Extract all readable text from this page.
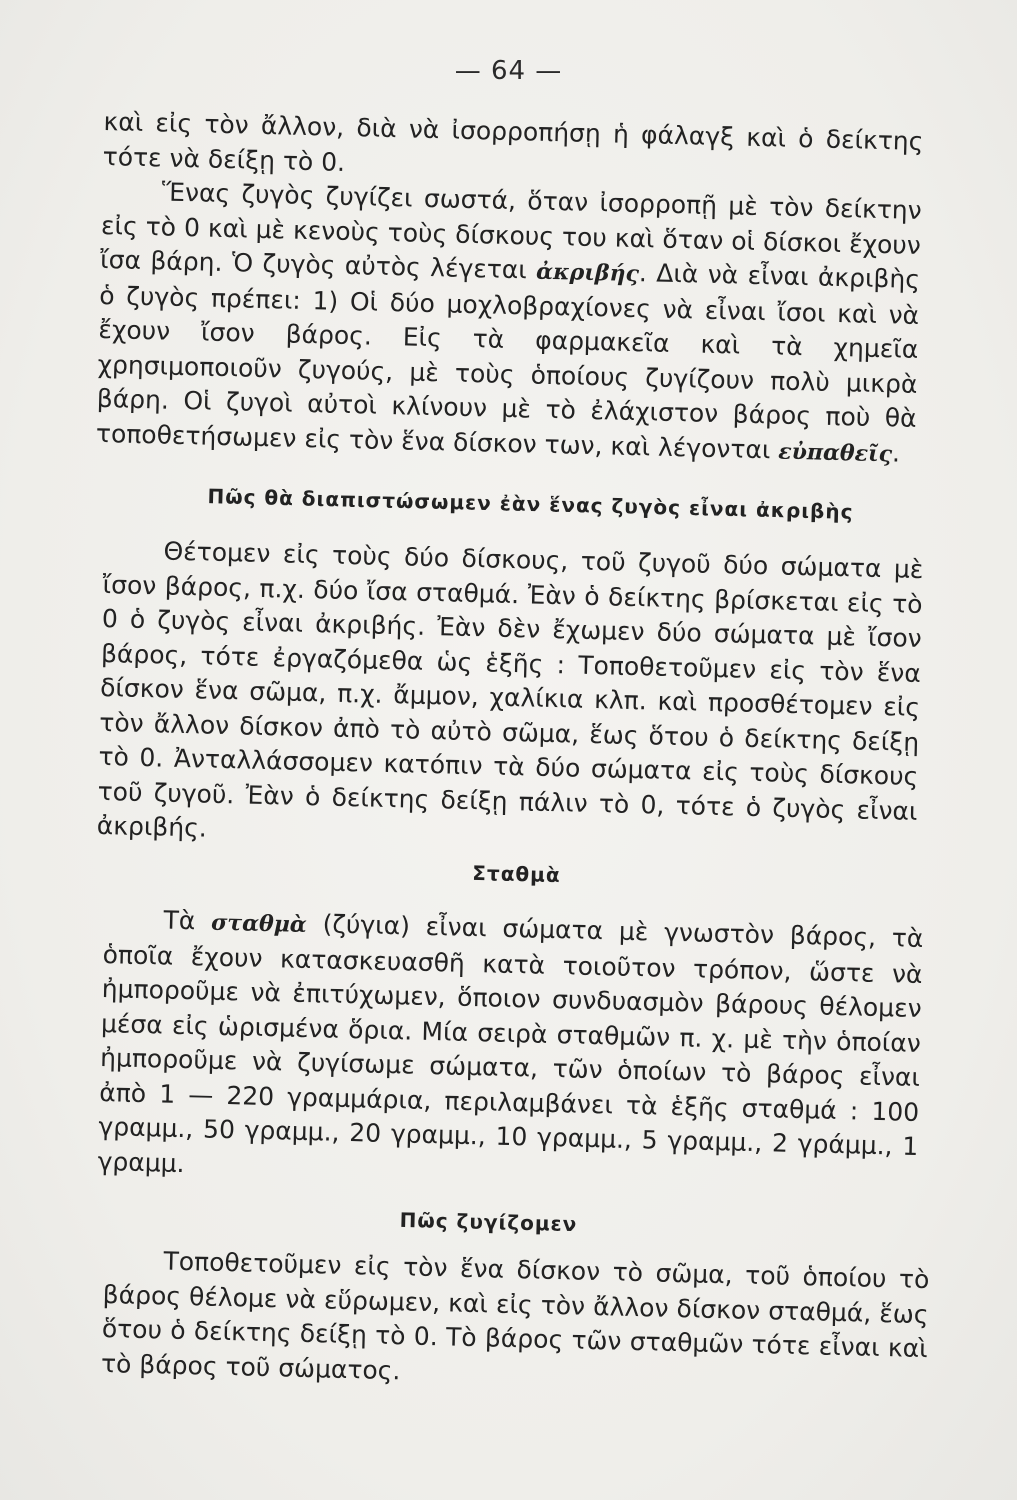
— 64 —

καὶ εἰς τὸν ἄλλον, διὰ νὰ ἰσορροπήσῃ ἡ φάλαγξ καὶ ὁ δείκτης τότε νὰ δείξῃ τὸ 0.

Ἕνας ζυγὸς ζυγίζει σωστά, ὅταν ἰσορροπῇ μὲ τὸν δείκτην εἰς τὸ 0 καὶ μὲ κενοὺς τοὺς δίσκους του καὶ ὅταν οἱ δίσκοι ἔχουν ἴσα βάρη. Ὁ ζυγὸς αὐτὸς λέγεται ἀκριβής. Διὰ νὰ εἶναι ἀκριβὴς ὁ ζυγὸς πρέπει: 1) Οἱ δύο μοχλοβραχίονες νὰ εἶναι ἴσοι καὶ νὰ ἔχουν ἴσον βάρος. Εἰς τὰ φαρμακεῖα καὶ τὰ χημεῖα χρησιμοποιοῦν ζυγούς, μὲ τοὺς ὁποίους ζυγίζουν πολὺ μικρὰ βάρη. Οἱ ζυγοὶ αὐτοὶ κλίνουν μὲ τὸ ἐλάχιστον βάρος ποὺ θὰ τοποθετήσωμεν εἰς τὸν ἕνα δίσκον των, καὶ λέγονται εὐπαθεῖς.

Πῶς θὰ διαπιστώσωμεν ἐὰν ἕνας ζυγὸς εἶναι ἀκριβὴς

Θέτομεν εἰς τοὺς δύο δίσκους, τοῦ ζυγοῦ δύο σώματα μὲ ἴσον βάρος, π.χ. δύο ἴσα σταθμά. Ἐὰν ὁ δείκτης βρίσκεται εἰς τὸ 0 ὁ ζυγὸς εἶναι ἀκριβής. Ἐὰν δὲν ἔχωμεν δύο σώματα μὲ ἴσον βάρος, τότε ἐργαζόμεθα ὡς ἑξῆς : Τοποθετοῦμεν εἰς τὸν ἕνα δίσκον ἕνα σῶμα, π.χ. ἄμμον, χαλίκια κλπ. καὶ προσθέτομεν εἰς τὸν ἄλλον δίσκον ἀπὸ τὸ αὐτὸ σῶμα, ἕως ὅτου ὁ δείκτης δείξῃ τὸ 0. Ἀνταλλάσσομεν κατόπιν τὰ δύο σώματα εἰς τοὺς δίσκους τοῦ ζυγοῦ. Ἐὰν ὁ δείκτης δείξῃ πάλιν τὸ 0, τότε ὁ ζυγὸς εἶναι ἀκριβής.

Σταθμὰ

Τὰ σταθμὰ (ζύγια) εἶναι σώματα μὲ γνωστὸν βάρος, τὰ ὁποῖα ἔχουν κατασκευασθῆ κατὰ τοιοῦτον τρόπον, ὥστε νὰ ἠμποροῦμε νὰ ἐπιτύχωμεν, ὅποιον συνδυασμὸν βάρους θέλομεν μέσα εἰς ὡρισμένα ὅρια. Μία σειρὰ σταθμῶν π. χ. μὲ τὴν ὁποίαν ἠμποροῦμε νὰ ζυγίσωμε σώματα, τῶν ὁποίων τὸ βάρος εἶναι ἀπὸ 1 — 220 γραμμάρια, περιλαμβάνει τὰ ἑξῆς σταθμά : 100 γραμμ., 50 γραμμ., 20 γραμμ., 10 γραμμ., 5 γραμμ., 2 γράμμ., 1 γραμμ.

Πῶς ζυγίζομεν

Τοποθετοῦμεν εἰς τὸν ἕνα δίσκον τὸ σῶμα, τοῦ ὁποίου τὸ βάρος θέλομε νὰ εὕρωμεν, καὶ εἰς τὸν ἄλλον δίσκον σταθμά, ἕως ὅτου ὁ δείκτης δείξῃ τὸ 0. Τὸ βάρος τῶν σταθμῶν τότε εἶναι καὶ τὸ βάρος τοῦ σώματος.
